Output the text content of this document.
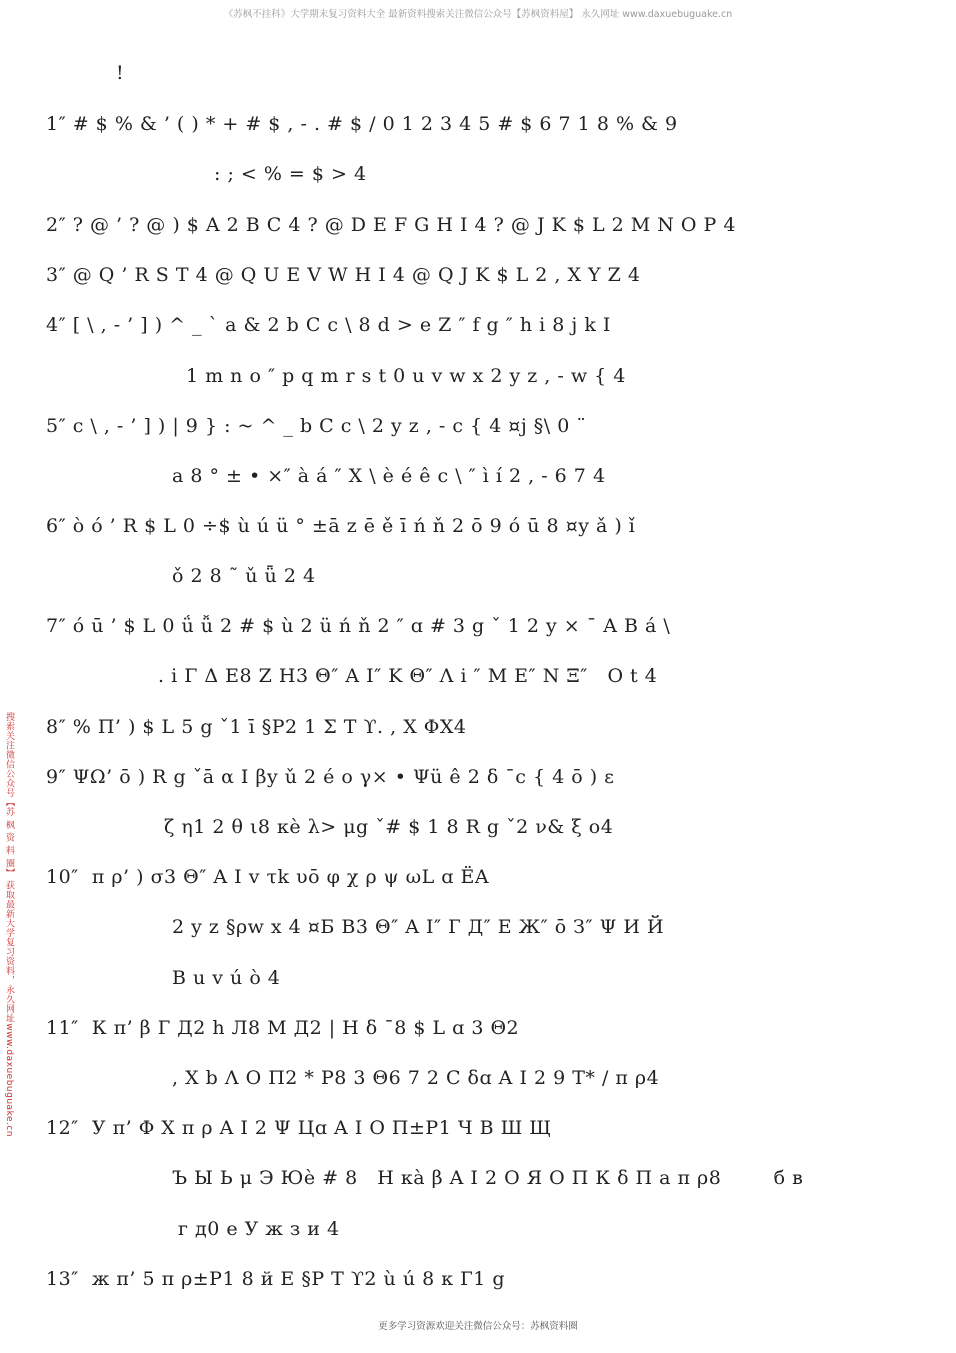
《苏枫不挂科》大学期末复习资料大全 最新资料搜索关注微信公众号【苏枫资料屋】 永久网址 www.daxuebuguake.cn
搜索关注微信公众号【苏 枫 资 料 圈】 获取最新大学复习资料，永久网址www.daxuebuguake.cn
!
1″ # $ % & ’ ( ) * + # $ , - . # $ / 0 1 2 3 4 5 # $ 6 7 1 8 % & 9
: ; < % = $ > 4
2″ ? @ ’ ? @ ) $ A 2 B C 4 ? @ D E F G H I 4 ? @ J K $ L 2 M N O P 4
3″ @ Q ’ R S T 4 @ Q U E V W H I 4 @ Q J K $ L 2 , X Y Z 4
4″ [ \ , - ’ ] ) ^ _ ` a & 2 b C c \ 8 d > e Z ″ f g ″ h i 8 j k I
1 m n o ″ p q m r s t 0 u v w x 2 y z , - w { 4
5″ c \ , - ’ ] ) | 9 } : ~ ^ _ b C c \ 2 y z , - c { 4 ¤j §\ 0 ¨
a 8 ° ± • ×″ à á ″ X \ è é ê c \ ″ ì í 2 , - 6 7 4
6″ ò ó ’ R $ L 0 ÷$ ù ú ü ° ±ā z ē ě ī ń ň 2 ō 9 ó ū 8 ¤y ǎ ) ǐ
ǒ 2 8 ˜ ǔ ǖ 2 4
7″ ó ū ’ $ L 0 ǘ ǚ 2 # $ ù 2 ü ń ň 2 ″ ɑ # 3 g ˇ 1 2 y × ¯ A B á \
. i Γ Δ E8 Z H3 Θ″ A I″ K Θ″ Λ i ″ M E″ N Ξ″   O t 4
8″ % Π’ ) $ L 5 g ˇ1 ī §P2 1 Σ T ϒ. , X ΦX4
9″ ΨΩ’ ō ) R g ˇā α I βy ǔ 2 é o γ× • Ψü ê 2 δ ¯c { 4 ō ) ε
ζ η1 2 θ ι8 κè λ> μg ˇ# $ 1 8 R g ˇ2 ν& ξ ο4
10″  π ρ’ ) σ3 Θ″ A I v τk υō φ χ ρ ψ ωL ɑ ЁA
2 y z §ρw x 4 ¤Б В3 Θ″ A I″ Г Д″ Е Ж″ ō З″ Ψ И Й
B u v ú ò 4
11″  К π’ β Г Д2 h Л8 М Д2 | Н δ ¯8 $ L ɑ 3 Θ2
, X b Λ О П2 * Р8 3 Θ6 7 2 С δɑ A I 2 9 Т* / π ρ4
12″  У π’ Φ Χ π ρ A I 2 Ψ Цɑ A I О П±Р1 Ч В Ш Щ
Ъ Ы Ь μ Э Юè # 8   Н κà β A I 2 О Я О П К δ П а π ρ8        б в
г д0 е У ж з и 4
13″  ж π’ 5 π ρ±Р1 8 й Е §Р Т ϒ2 ù ú 8 к Г1 g
更多学习资源欢迎关注微信公众号：苏枫资料圈
